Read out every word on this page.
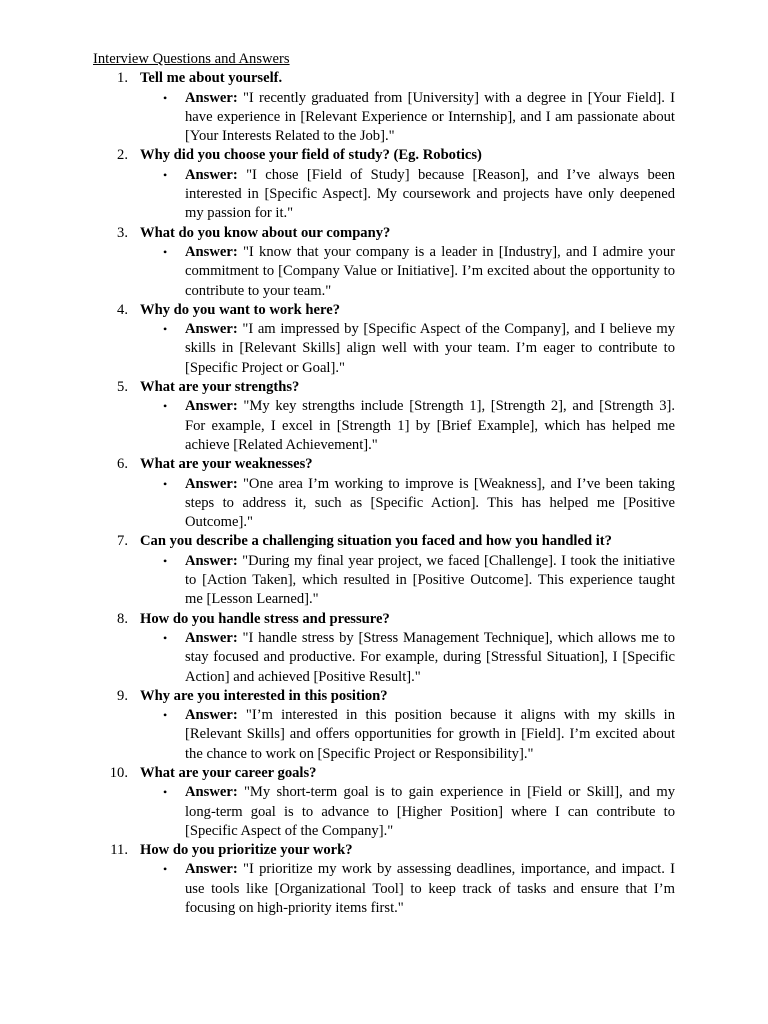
Interview Questions and Answers
1. Tell me about yourself.
• Answer: "I recently graduated from [University] with a degree in [Your Field]. I have experience in [Relevant Experience or Internship], and I am passionate about [Your Interests Related to the Job]."
2. Why did you choose your field of study? (Eg. Robotics)
• Answer: "I chose [Field of Study] because [Reason], and I’ve always been interested in [Specific Aspect]. My coursework and projects have only deepened my passion for it."
3. What do you know about our company?
• Answer: "I know that your company is a leader in [Industry], and I admire your commitment to [Company Value or Initiative]. I’m excited about the opportunity to contribute to your team."
4. Why do you want to work here?
• Answer: "I am impressed by [Specific Aspect of the Company], and I believe my skills in [Relevant Skills] align well with your team. I’m eager to contribute to [Specific Project or Goal]."
5. What are your strengths?
• Answer: "My key strengths include [Strength 1], [Strength 2], and [Strength 3]. For example, I excel in [Strength 1] by [Brief Example], which has helped me achieve [Related Achievement]."
6. What are your weaknesses?
• Answer: "One area I’m working to improve is [Weakness], and I’ve been taking steps to address it, such as [Specific Action]. This has helped me [Positive Outcome]."
7. Can you describe a challenging situation you faced and how you handled it?
• Answer: "During my final year project, we faced [Challenge]. I took the initiative to [Action Taken], which resulted in [Positive Outcome]. This experience taught me [Lesson Learned]."
8. How do you handle stress and pressure?
• Answer: "I handle stress by [Stress Management Technique], which allows me to stay focused and productive. For example, during [Stressful Situation], I [Specific Action] and achieved [Positive Result]."
9. Why are you interested in this position?
• Answer: "I’m interested in this position because it aligns with my skills in [Relevant Skills] and offers opportunities for growth in [Field]. I’m excited about the chance to work on [Specific Project or Responsibility]."
10. What are your career goals?
• Answer: "My short-term goal is to gain experience in [Field or Skill], and my long-term goal is to advance to [Higher Position] where I can contribute to [Specific Aspect of the Company]."
11. How do you prioritize your work?
• Answer: "I prioritize my work by assessing deadlines, importance, and impact. I use tools like [Organizational Tool] to keep track of tasks and ensure that I’m focusing on high-priority items first."
